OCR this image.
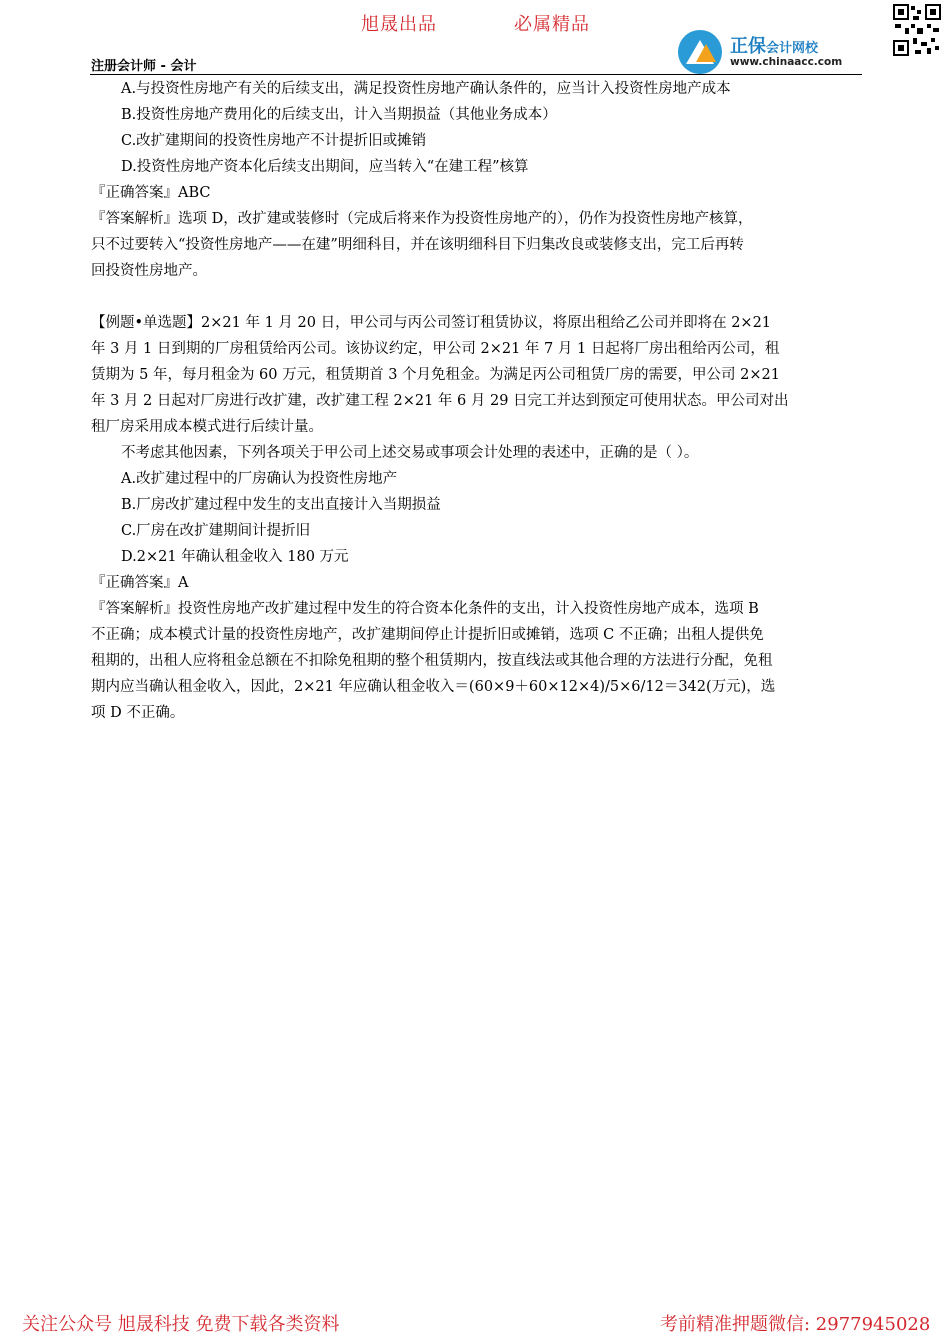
旭晟出品	必属精品
注册会计师 - 会计
正保会计网校
www.chinaacc.com
A.与投资性房地产有关的后续支出，满足投资性房地产确认条件的，应当计入投资性房地产成本
B.投资性房地产费用化的后续支出，计入当期损益（其他业务成本）
C.改扩建期间的投资性房地产不计提折旧或摊销
D.投资性房地产资本化后续支出期间，应当转入“在建工程”核算
『正确答案』ABC
『答案解析』选项 D，改扩建或装修时（完成后将来作为投资性房地产的），仍作为投资性房地产核算，
只不过要转入“投资性房地产——在建”明细科目，并在该明细科目下归集改良或装修支出，完工后再转
回投资性房地产。
【例题•单选题】2×21 年 1 月 20 日，甲公司与丙公司签订租赁协议，将原出租给乙公司并即将在 2×21
年 3 月 1 日到期的厂房租赁给丙公司。该协议约定，甲公司 2×21 年 7 月 1 日起将厂房出租给丙公司，租
赁期为 5 年，每月租金为 60 万元，租赁期首 3 个月免租金。为满足丙公司租赁厂房的需要，甲公司 2×21
年 3 月 2 日起对厂房进行改扩建，改扩建工程 2×21 年 6 月 29 日完工并达到预定可使用状态。甲公司对出
租厂房采用成本模式进行后续计量。
不考虑其他因素，下列各项关于甲公司上述交易或事项会计处理的表述中，正确的是（ ）。
A.改扩建过程中的厂房确认为投资性房地产
B.厂房改扩建过程中发生的支出直接计入当期损益
C.厂房在改扩建期间计提折旧
D.2×21 年确认租金收入 180 万元
『正确答案』A
『答案解析』投资性房地产改扩建过程中发生的符合资本化条件的支出，计入投资性房地产成本，选项 B
不正确；成本模式计量的投资性房地产，改扩建期间停止计提折旧或摊销，选项 C 不正确；出租人提供免
租期的，出租人应将租金总额在不扣除免租期的整个租赁期内，按直线法或其他合理的方法进行分配，免租
期内应当确认租金收入，因此，2×21 年应确认租金收入＝(60×9＋60×12×4)/5×6/12＝342(万元)，选
项 D 不正确。
关注公众号 旭晟科技 免费下载各类资料	考前精准押题微信: 2977945028
